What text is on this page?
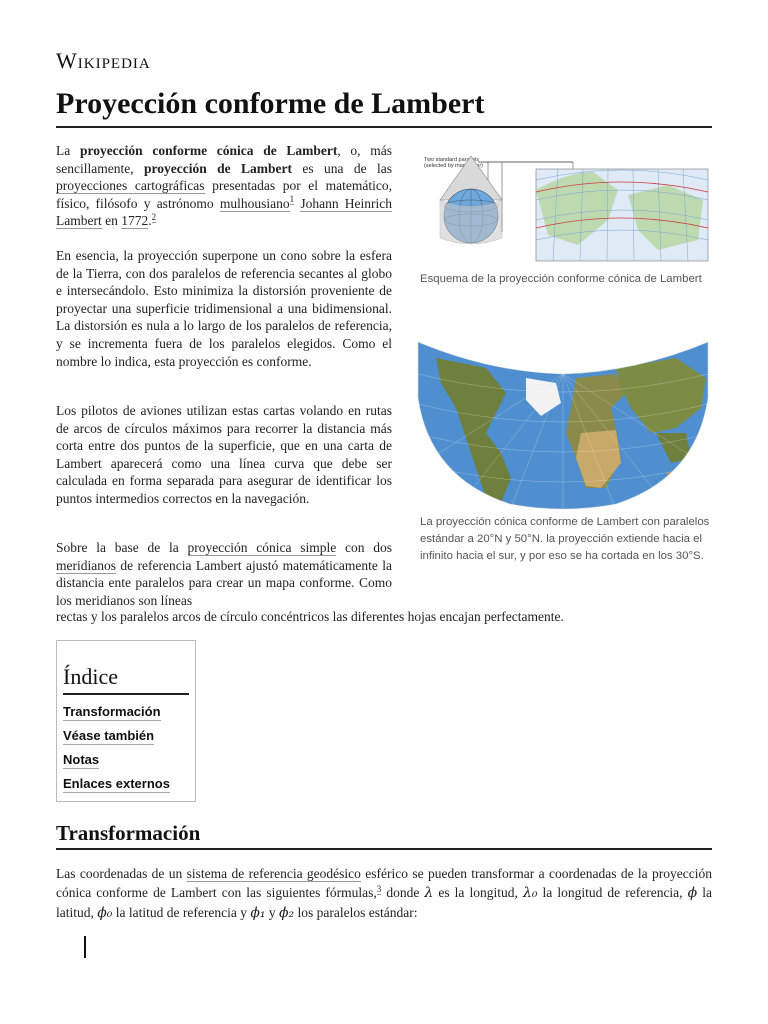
Wikipedia
Proyección conforme de Lambert
La proyección conforme cónica de Lambert, o, más sencillamente, proyección de Lambert es una de las proyecciones cartográficas presentadas por el matemático, físico, filósofo y astrónomo mulhousiano$^1$ Johann Heinrich Lambert en 1772.$^2$
En esencia, la proyección superpone un cono sobre la esfera de la Tierra, con dos paralelos de referencia secantes al globo e intersecándolo. Esto minimiza la distorsión proveniente de proyectar una superficie tridimensional a una bidimensional. La distorsión es nula a lo largo de los paralelos de referencia, y se incrementa fuera de los paralelos elegidos. Como el nombre lo indica, esta proyección es conforme.
Los pilotos de aviones utilizan estas cartas volando en rutas de arcos de círculos máximos para recorrer la distancia más corta entre dos puntos de la superficie, que en una carta de Lambert aparecerá como una línea curva que debe ser calculada en forma separada para asegurar de identificar los puntos intermedios correctos en la navegación.
Sobre la base de la proyección cónica simple con dos meridianos de referencia Lambert ajustó matemáticamente la distancia ente paralelos para crear un mapa conforme. Como los meridianos son líneas
rectas y los paralelos arcos de círculo concéntricos las diferentes hojas encajan perfectamente.
Two standard parallels
(selected by mapmaker)
Esquema de la proyección conforme cónica de Lambert
La proyección cónica conforme de Lambert con paralelos estándar a 20°N y 50°N. la proyección extiende hacia el infinito hacia el sur, y por eso se ha cortada en los 30°S.
Índice
Transformación
Véase también
Notas
Enlaces externos
Transformación
Las coordenadas de un sistema de referencia geodésico esférico se pueden transformar a coordenadas de la proyección cónica conforme de Lambert con las siguientes fórmulas,$^3$ donde λ es la longitud, λ₀ la longitud de referencia, ϕ la latitud, ϕ₀ la latitud de referencia y ϕ₁ y ϕ₂ los paralelos estándar:
